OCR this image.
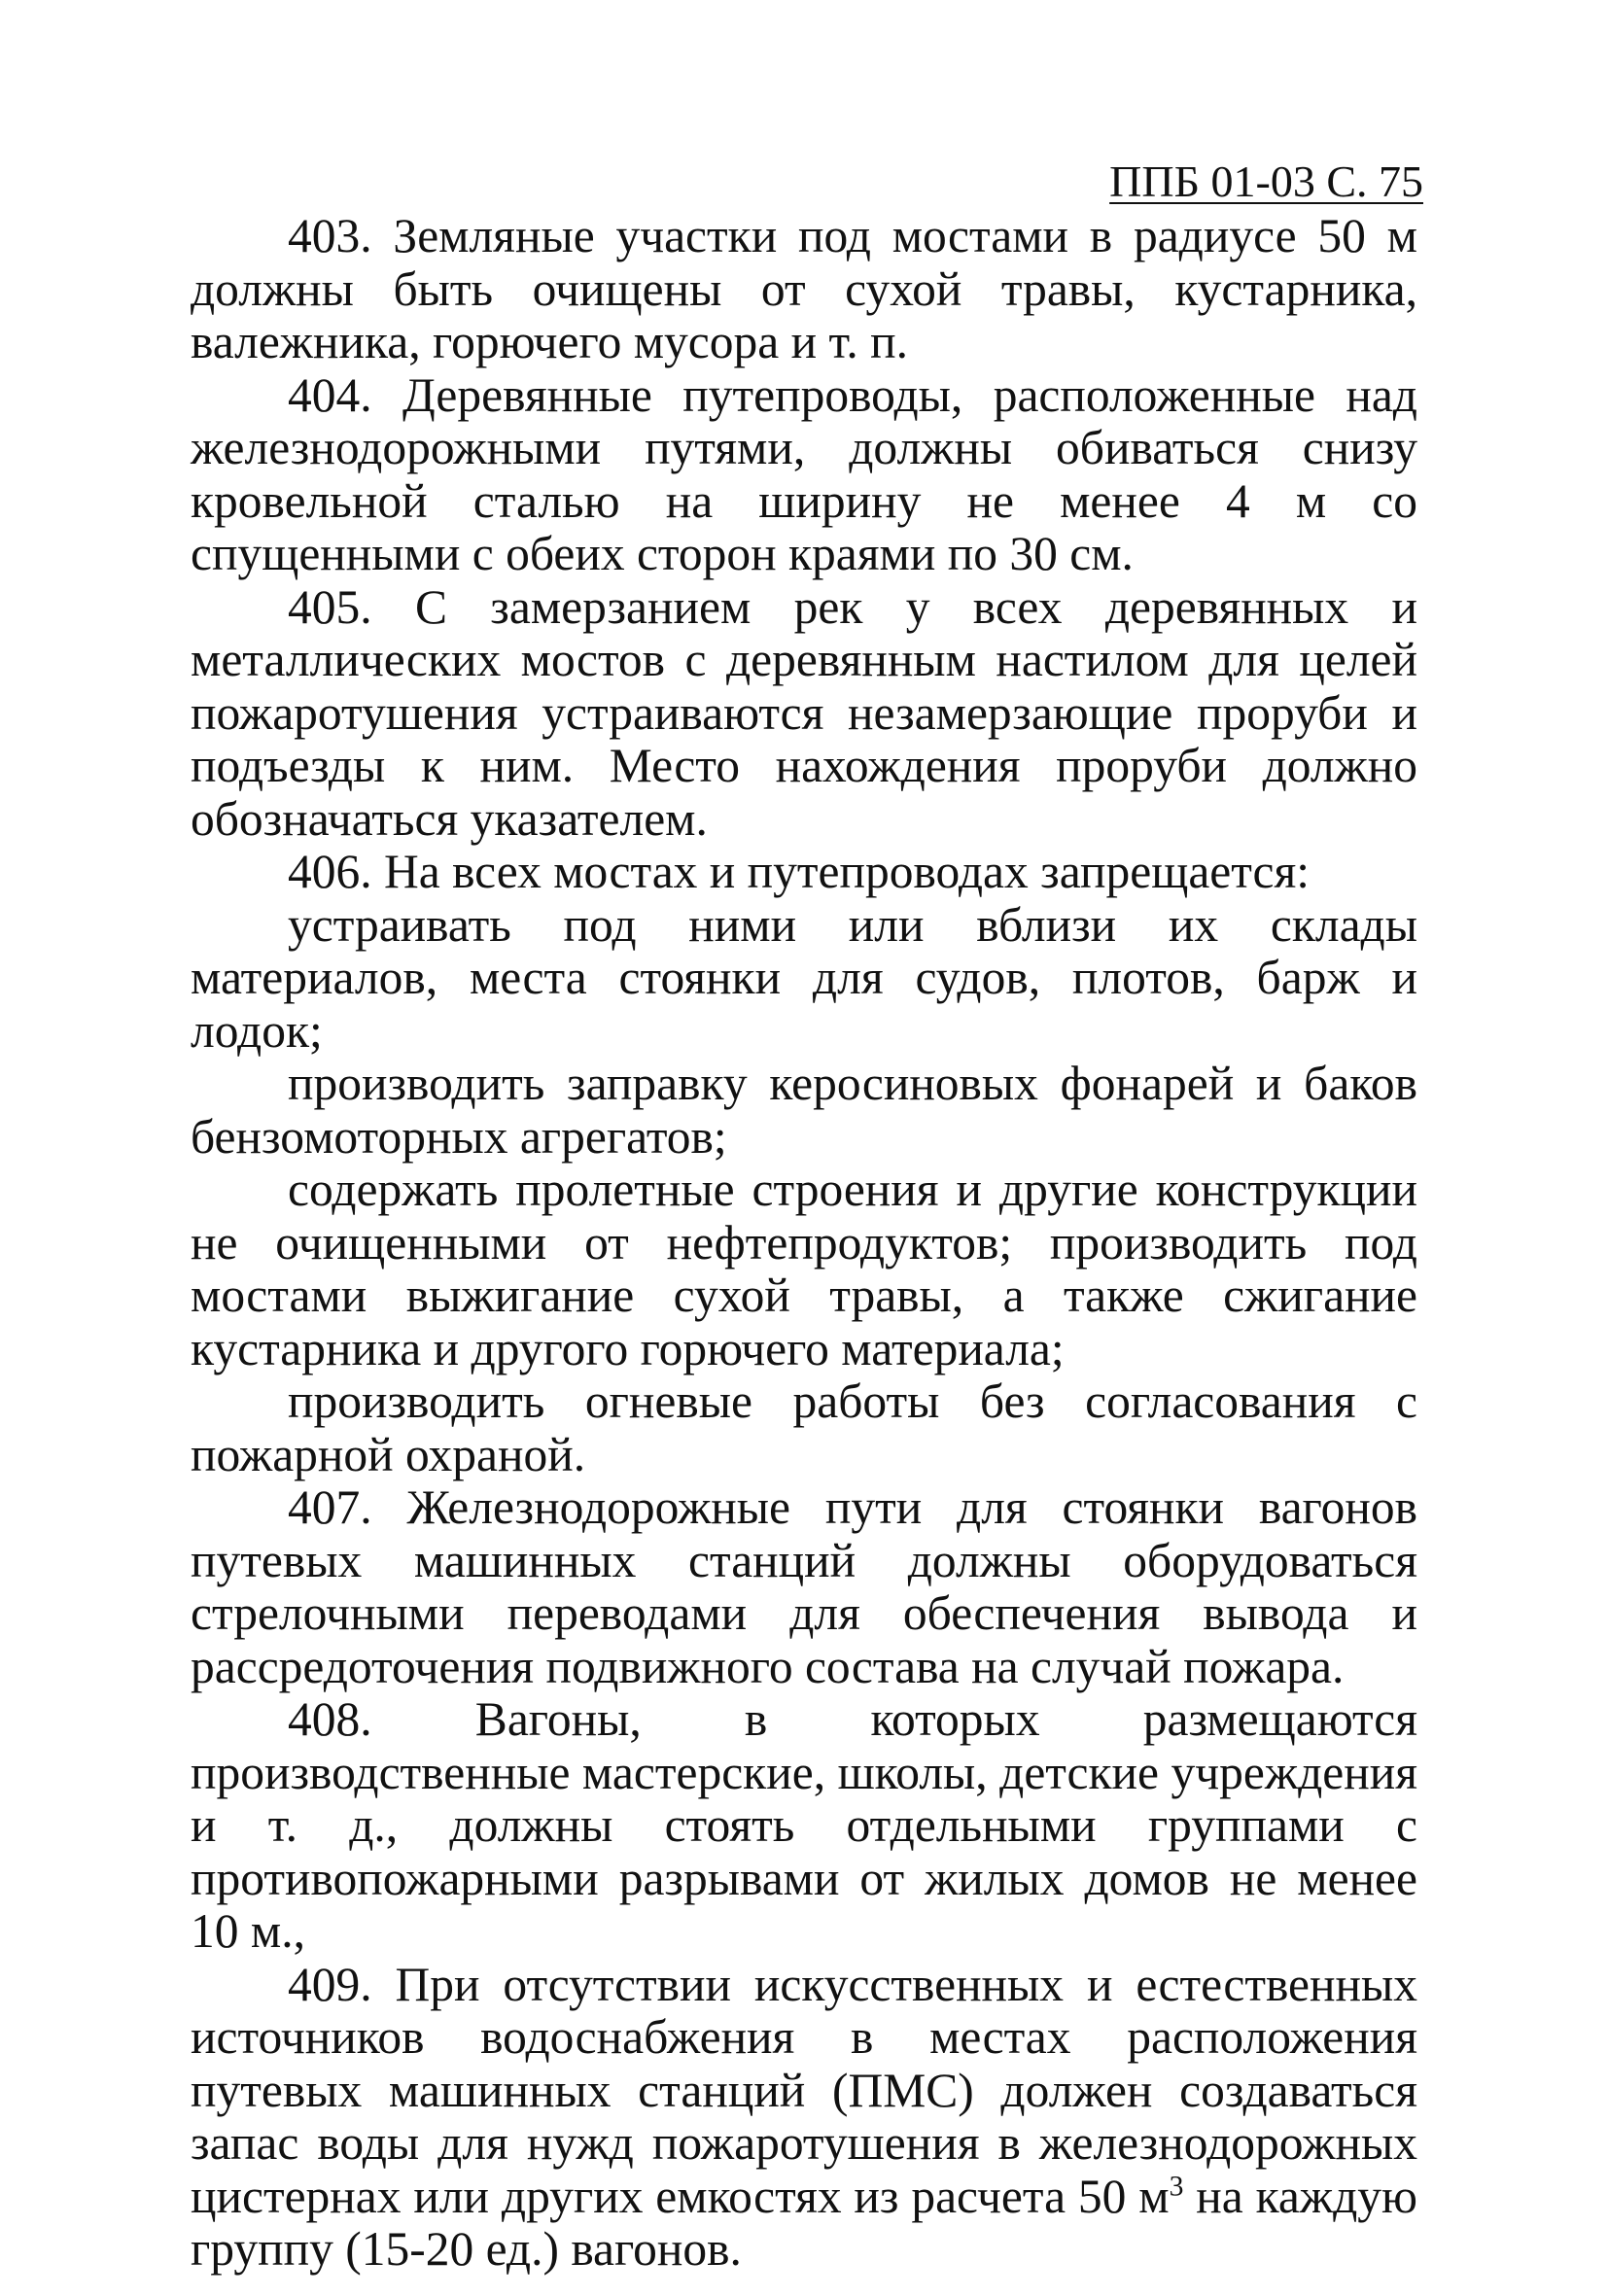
ППБ 01-03 С. 75

403. Земляные участки под мостами в радиусе 50 м должны быть очищены от сухой травы, кустарника, валежника, горючего мусора и т. п.

404. Деревянные путепроводы, расположенные над железнодорожными путями, должны обиваться снизу кровельной сталью на ширину не менее 4 м со спущенными с обеих сторон краями по 30 см.

405. С замерзанием рек у всех деревянных и металлических мостов с деревянным настилом для целей пожаротушения устраиваются незамерзающие проруби и подъезды к ним. Место нахождения проруби должно обозначаться указателем.

406. На всех мостах и путепроводах запрещается:

устраивать под ними или вблизи их склады материалов, места стоянки для судов, плотов, барж и лодок;

производить заправку керосиновых фонарей и баков бензомоторных агрегатов;

содержать пролетные строения и другие конструкции не очищенными от нефтепродуктов; производить под мостами выжигание сухой травы, а также сжигание кустарника и другого горючего материала;

производить огневые работы без согласования с пожарной охраной.

407. Железнодорожные пути для стоянки вагонов путевых машинных станций должны оборудоваться стрелочными переводами для обеспечения вывода и рассредоточения подвижного состава на случай пожара.

408. Вагоны, в которых размещаются производственные мастерские, школы, детские учреждения и т. д., должны стоять отдельными группами с противопожарными разрывами от жилых домов не менее 10 м.,

409. При отсутствии искусственных и естественных источников водоснабжения в местах расположения путевых машинных станций (ПМС) должен создаваться запас воды для нужд пожаротушения в железнодорожных цистернах или других емкостях из расчета 50 $м^3$ на каждую группу (15-20 ед.) вагонов.
